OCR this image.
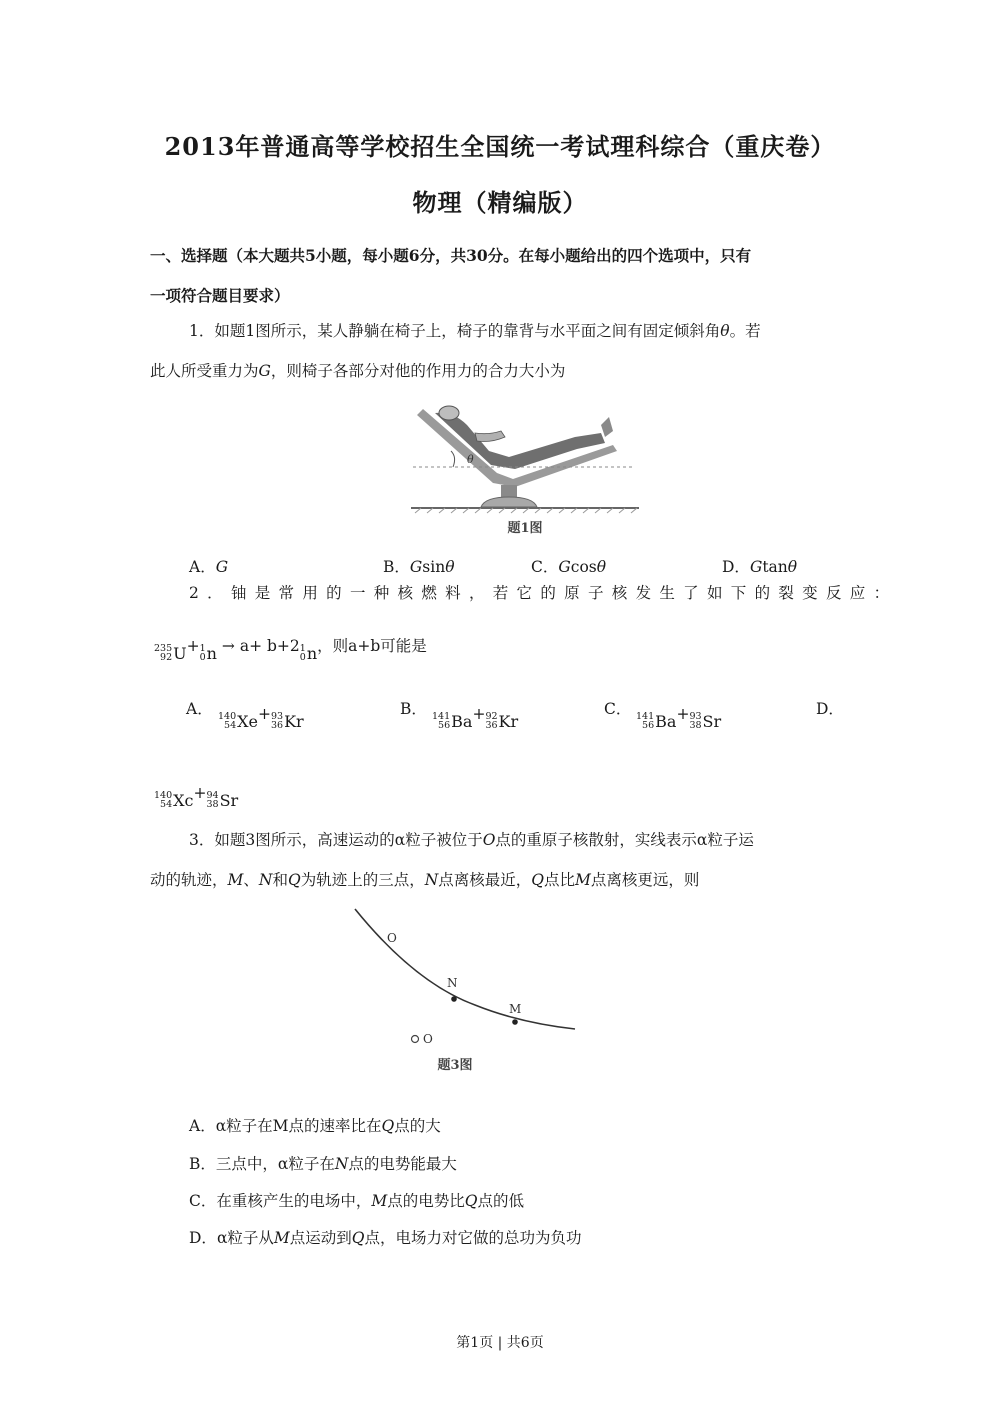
2013年普通高等学校招生全国统一考试理科综合（重庆卷）
物理（精编版）
一、选择题（本大题共5小题，每小题6分，共30分。在每小题给出的四个选项中，只有
一项符合题目要求）
1．如题1图所示，某人静躺在椅子上，椅子的靠背与水平面之间有固定倾斜角θ。若
此人所受重力为G，则椅子各部分对他的作用力的合力大小为
θ
题1图
A．G	B．Gsinθ	C．Gcosθ	D．Gtanθ
2．铀是常用的一种核燃料，若它的原子核发生了如下的裂变反应：
235
92 U + 1
0 n → a+ b+2 1
0 n ，则a+b可能是
A． 140
54 Xe + 93
36 Kr
B． 141
56 Ba + 92
36 Kr
C． 141
56 Ba + 93
38 Sr
D．
140
54 Xc + 94
38 Sr
3．如题3图所示，高速运动的α粒子被位于O点的重原子核散射，实线表示α粒子运
动的轨迹，M、N和Q为轨迹上的三点，N点离核最近，Q点比M点离核更远，则
O
N
M
O
题3图
A．α粒子在M点的速率比在Q点的大
B．三点中，α粒子在N点的电势能最大
C．在重核产生的电场中，M点的电势比Q点的低
D．α粒子从M点运动到Q点，电场力对它做的总功为负功
第1页 | 共6页
